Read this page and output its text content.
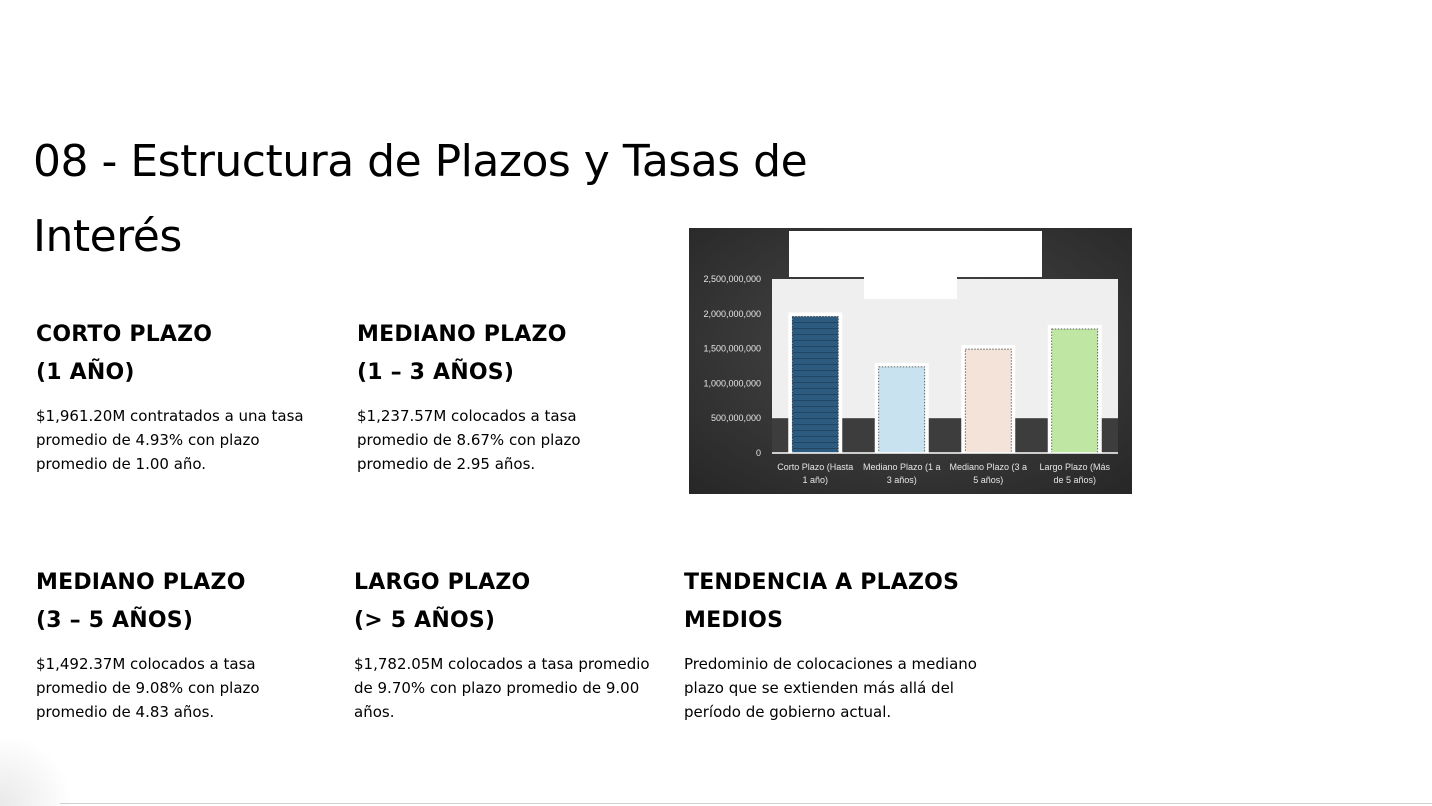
08 - Estructura de Plazos y Tasas de
Interés
CORTO PLAZO
(1 AÑO)

$1,961.20M contratados a una tasa promedio de 4.93% con plazo promedio de 1.00 año.

MEDIANO PLAZO
(1 – 3 AÑOS)

$1,237.57M colocados a tasa promedio de 8.67% con plazo promedio de 2.95 años.

MEDIANO PLAZO
(3 – 5 AÑOS)

$1,492.37M colocados a tasa promedio de 9.08% con plazo promedio de 4.83 años.

LARGO PLAZO
(> 5 AÑOS)

$1,782.05M colocados a tasa promedio de 9.70% con plazo promedio de 9.00 años.

TENDENCIA A PLAZOS
MEDIOS

Predominio de colocaciones a mediano plazo que se extienden más allá del período de gobierno actual.

0
500,000,000
1,000,000,000
1,500,000,000
2,000,000,000
2,500,000,000
Corto Plazo (Hasta
1 año)
Mediano Plazo (1 a
3 años)
Mediano Plazo (3 a
5 años)
Largo Plazo (Más
de 5 años)
